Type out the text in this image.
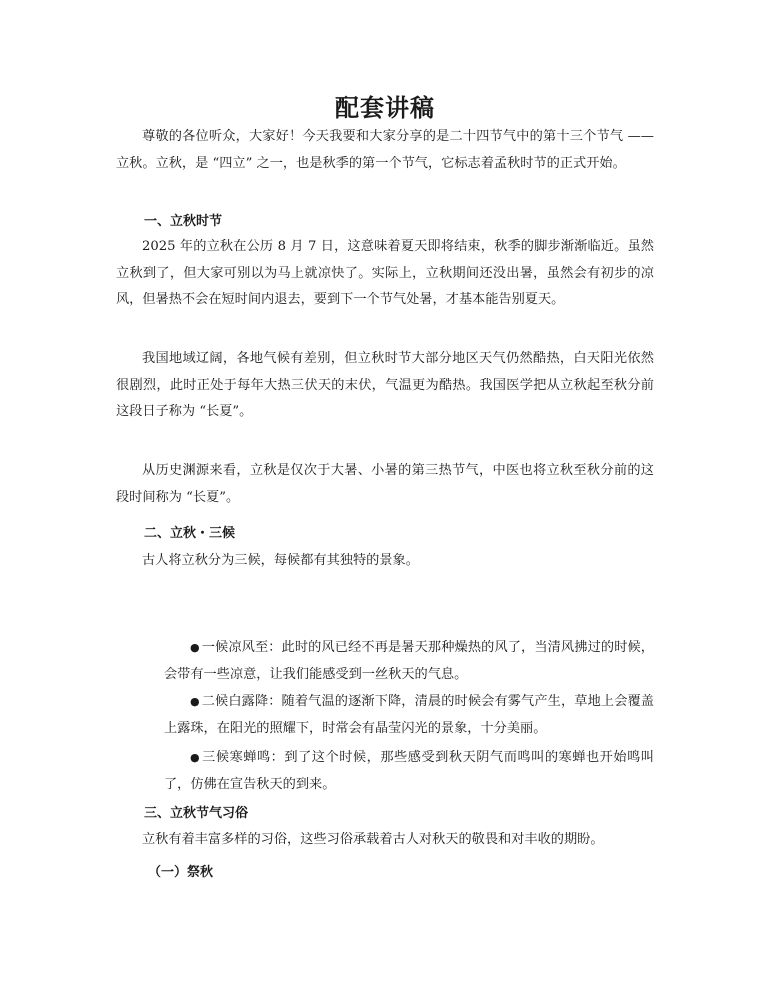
配套讲稿

尊敬的各位听众，大家好！今天我要和大家分享的是二十四节气中的第十三个节气 —— 立秋。立秋，是 “四立” 之一，也是秋季的第一个节气，它标志着孟秋时节的正式开始。

一、立秋时节

2025 年的立秋在公历 8 月 7 日，这意味着夏天即将结束，秋季的脚步渐渐临近。虽然立秋到了，但大家可别以为马上就凉快了。实际上，立秋期间还没出暑，虽然会有初步的凉风，但暑热不会在短时间内退去，要到下一个节气处暑，才基本能告别夏天。

我国地域辽阔，各地气候有差别，但立秋时节大部分地区天气仍然酷热，白天阳光依然很剧烈，此时正处于每年大热三伏天的末伏，气温更为酷热。我国医学把从立秋起至秋分前这段日子称为 “长夏”。

从历史渊源来看，立秋是仅次于大暑、小暑的第三热节气，中医也将立秋至秋分前的这段时间称为 “长夏”。

二、立秋・三候

古人将立秋分为三候，每候都有其独特的景象。

● 一候凉风至：此时的风已经不再是暑天那种燥热的风了，当清风拂过的时候，会带有一些凉意，让我们能感受到一丝秋天的气息。

● 二候白露降：随着气温的逐渐下降，清晨的时候会有雾气产生，草地上会覆盖上露珠，在阳光的照耀下，时常会有晶莹闪光的景象，十分美丽。

● 三候寒蝉鸣：到了这个时候，那些感受到秋天阴气而鸣叫的寒蝉也开始鸣叫了，仿佛在宣告秋天的到来。

三、立秋节气习俗

立秋有着丰富多样的习俗，这些习俗承载着古人对秋天的敬畏和对丰收的期盼。

（一）祭秋
